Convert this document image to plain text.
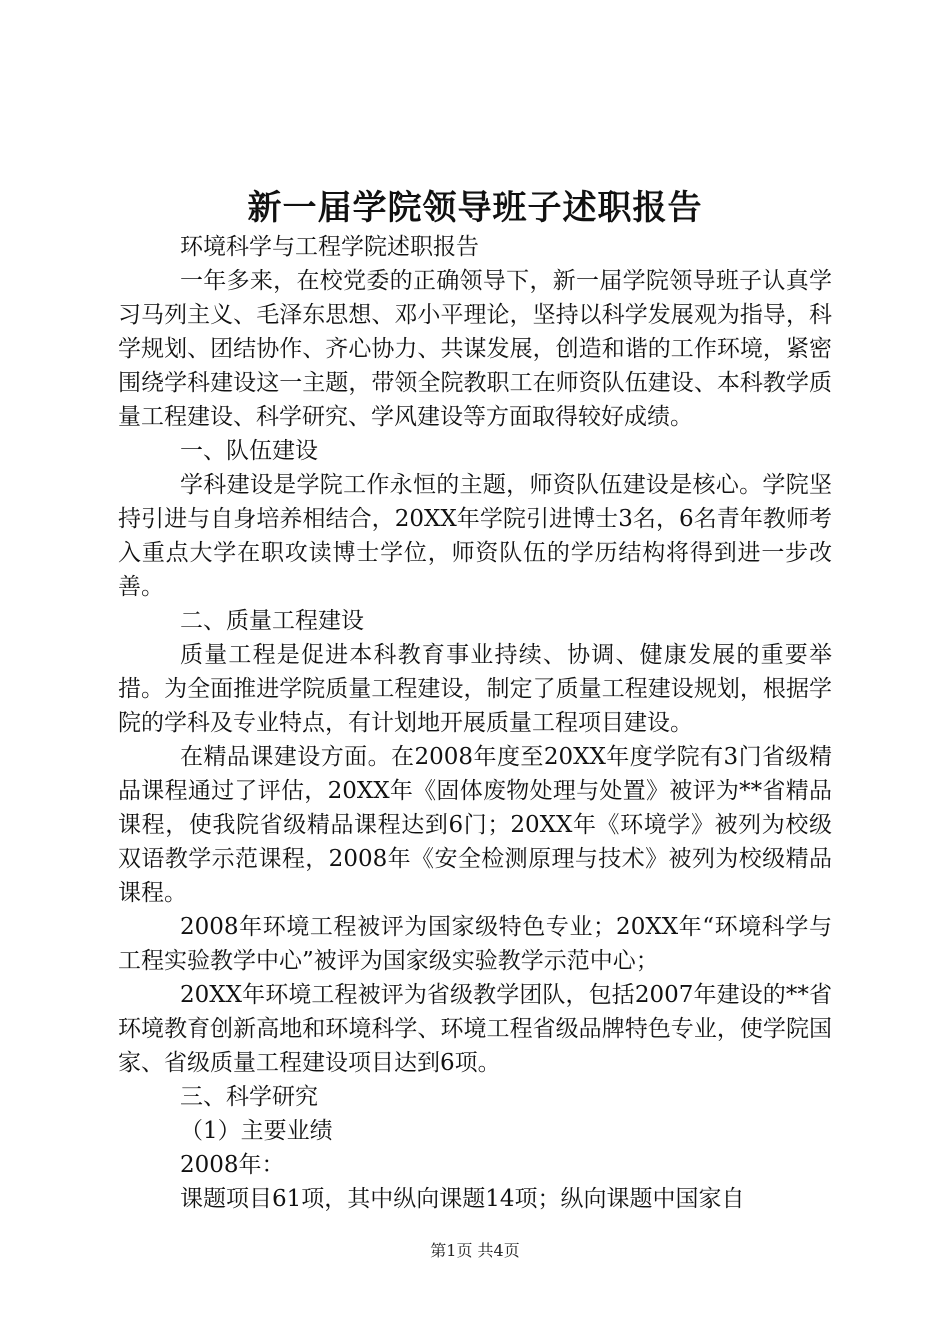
新一届学院领导班子述职报告

环境科学与工程学院述职报告

一年多来，在校党委的正确领导下，新一届学院领导班子认真学习马列主义、毛泽东思想、邓小平理论，坚持以科学发展观为指导，科学规划、团结协作、齐心协力、共谋发展，创造和谐的工作环境，紧密围绕学科建设这一主题，带领全院教职工在师资队伍建设、本科教学质量工程建设、科学研究、学风建设等方面取得较好成绩。

一、队伍建设

学科建设是学院工作永恒的主题，师资队伍建设是核心。学院坚持引进与自身培养相结合，20XX年学院引进博士3名，6名青年教师考入重点大学在职攻读博士学位，师资队伍的学历结构将得到进一步改善。

二、质量工程建设

质量工程是促进本科教育事业持续、协调、健康发展的重要举措。为全面推进学院质量工程建设，制定了质量工程建设规划，根据学院的学科及专业特点，有计划地开展质量工程项目建设。

在精品课建设方面。在2008年度至20XX年度学院有3门省级精品课程通过了评估，20XX年《固体废物处理与处置》被评为**省精品课程，使我院省级精品课程达到6门；20XX年《环境学》被列为校级双语教学示范课程，2008年《安全检测原理与技术》被列为校级精品课程。

2008年环境工程被评为国家级特色专业；20XX年“环境科学与工程实验教学中心”被评为国家级实验教学示范中心；

20XX年环境工程被评为省级教学团队，包括2007年建设的**省环境教育创新高地和环境科学、环境工程省级品牌特色专业，使学院国家、省级质量工程建设项目达到6项。

三、科学研究

（1）主要业绩

2008年：

课题项目61项，其中纵向课题14项；纵向课题中国家自

第1页 共4页
